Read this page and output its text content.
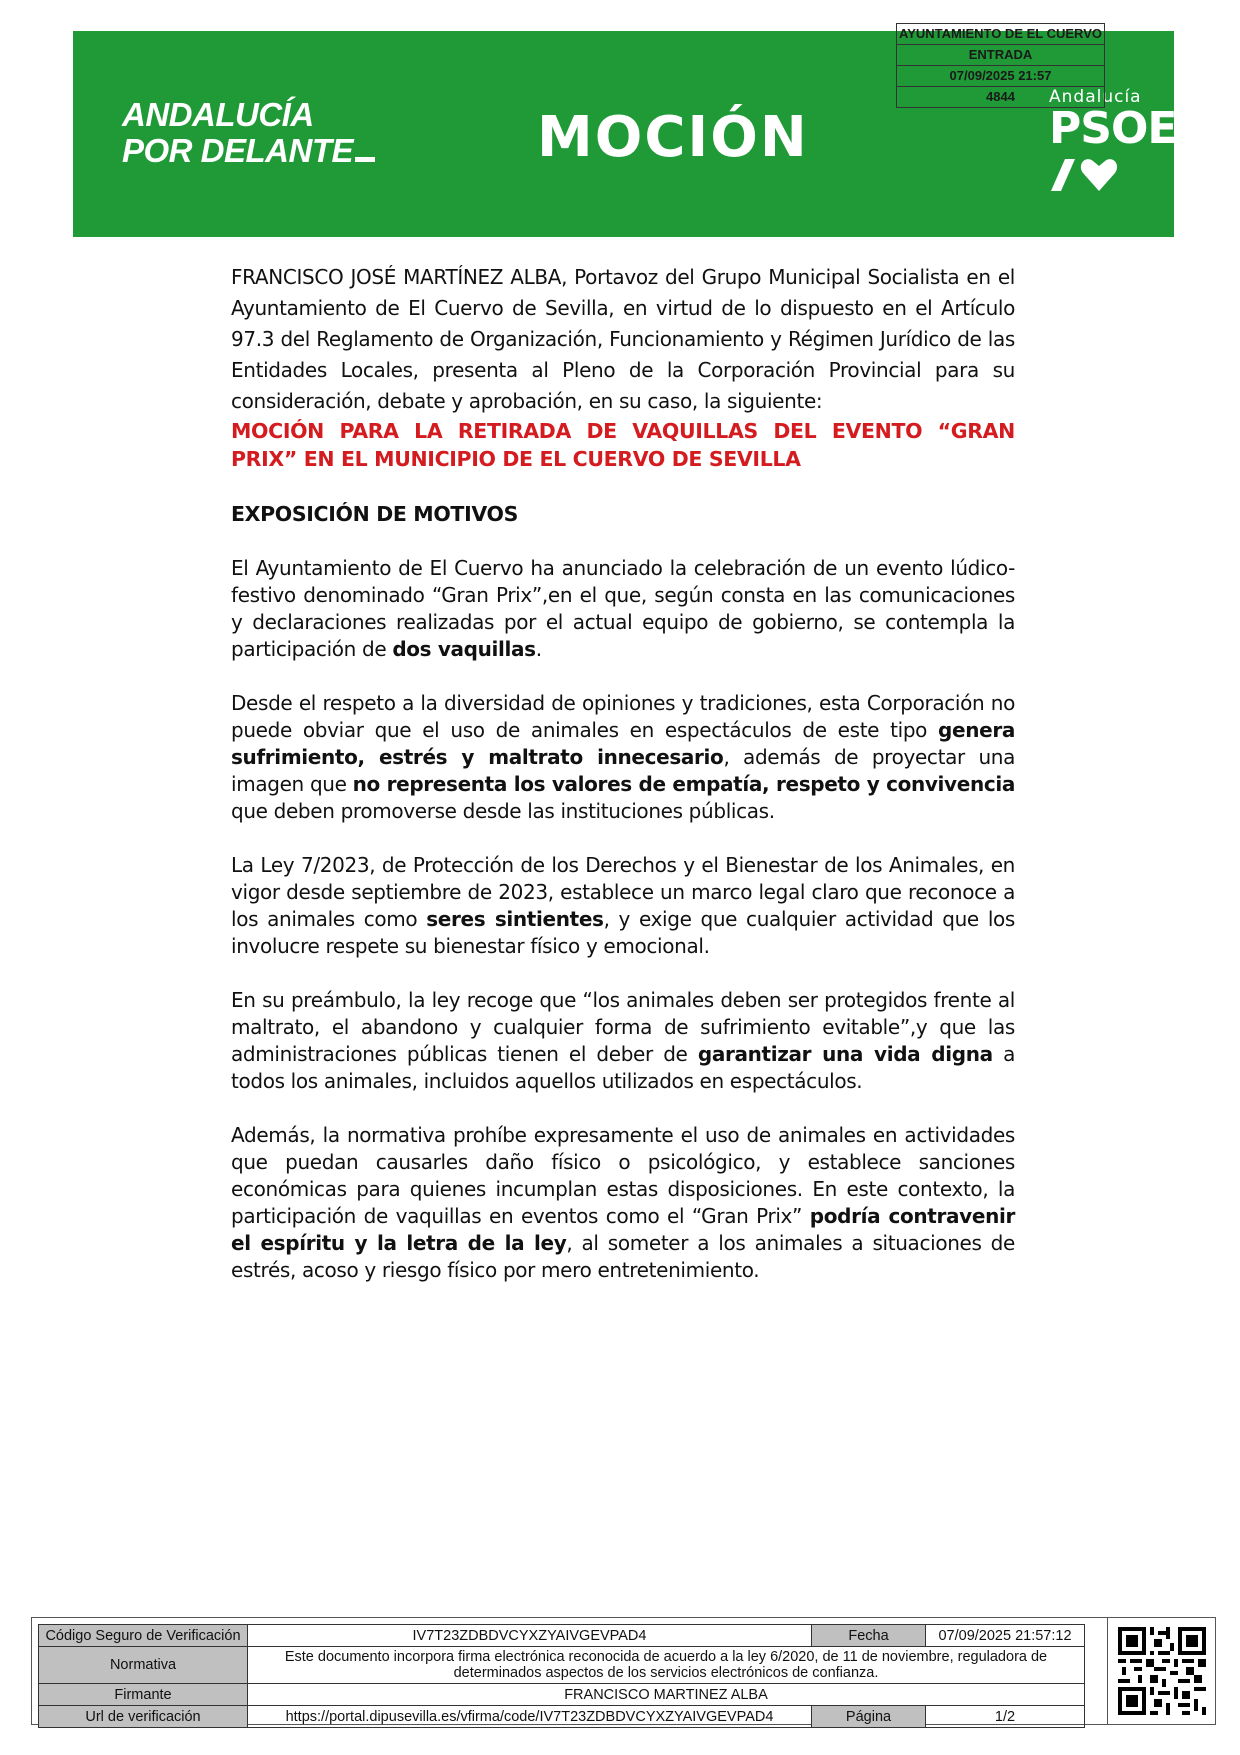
ANDALUCÍA
POR DELANTE	MOCIÓN
Andalucía
PSOE
AYUNTAMIENTO DE EL CUERVO
ENTRADA
07/09/2025 21:57
4844

FRANCISCO JOSÉ MARTÍNEZ ALBA, Portavoz del Grupo Municipal Socialista en el Ayuntamiento de El Cuervo de Sevilla, en virtud de lo dispuesto en el Artículo 97.3 del Reglamento de Organización, Funcionamiento y Régimen Jurídico de las Entidades Locales, presenta al Pleno de la Corporación Provincial para su consideración, debate y aprobación, en su caso, la siguiente:

MOCIÓN PARA LA RETIRADA DE VAQUILLAS DEL EVENTO “GRAN PRIX” EN EL MUNICIPIO DE EL CUERVO DE SEVILLA

EXPOSICIÓN DE MOTIVOS

El Ayuntamiento de El Cuervo ha anunciado la celebración de un evento lúdico-festivo denominado “Gran Prix”,en el que, según consta en las comunicaciones y declaraciones realizadas por el actual equipo de gobierno, se contempla la participación de dos vaquillas.

Desde el respeto a la diversidad de opiniones y tradiciones, esta Corporación no puede obviar que el uso de animales en espectáculos de este tipo genera sufrimiento, estrés y maltrato innecesario, además de proyectar una imagen que no representa los valores de empatía, respeto y convivencia que deben promoverse desde las instituciones públicas.

La Ley 7/2023, de Protección de los Derechos y el Bienestar de los Animales, en vigor desde septiembre de 2023, establece un marco legal claro que reconoce a los animales como seres sintientes, y exige que cualquier actividad que los involucre respete su bienestar físico y emocional.

En su preámbulo, la ley recoge que “los animales deben ser protegidos frente al maltrato, el abandono y cualquier forma de sufrimiento evitable”,y que las administraciones públicas tienen el deber de garantizar una vida digna a todos los animales, incluidos aquellos utilizados en espectáculos.

Además, la normativa prohíbe expresamente el uso de animales en actividades que puedan causarles daño físico o psicológico, y establece sanciones económicas para quienes incumplan estas disposiciones. En este contexto, la participación de vaquillas en eventos como el “Gran Prix” podría contravenir el espíritu y la letra de la ley, al someter a los animales a situaciones de estrés, acoso y riesgo físico por mero entretenimiento.

Código Seguro de Verificación	IV7T23ZDBDVCYXZYAIVGEVPAD4	Fecha	07/09/2025 21:57:12
Normativa	Este documento incorpora firma electrónica reconocida de acuerdo a la ley 6/2020, de 11 de noviembre, reguladora de determinados aspectos de los servicios electrónicos de confianza.		
Firmante	FRANCISCO MARTINEZ ALBA		
Url de verificación	https://portal.dipusevilla.es/vfirma/code/IV7T23ZDBDVCYXZYAIVGEVPAD4	Página	1/2
